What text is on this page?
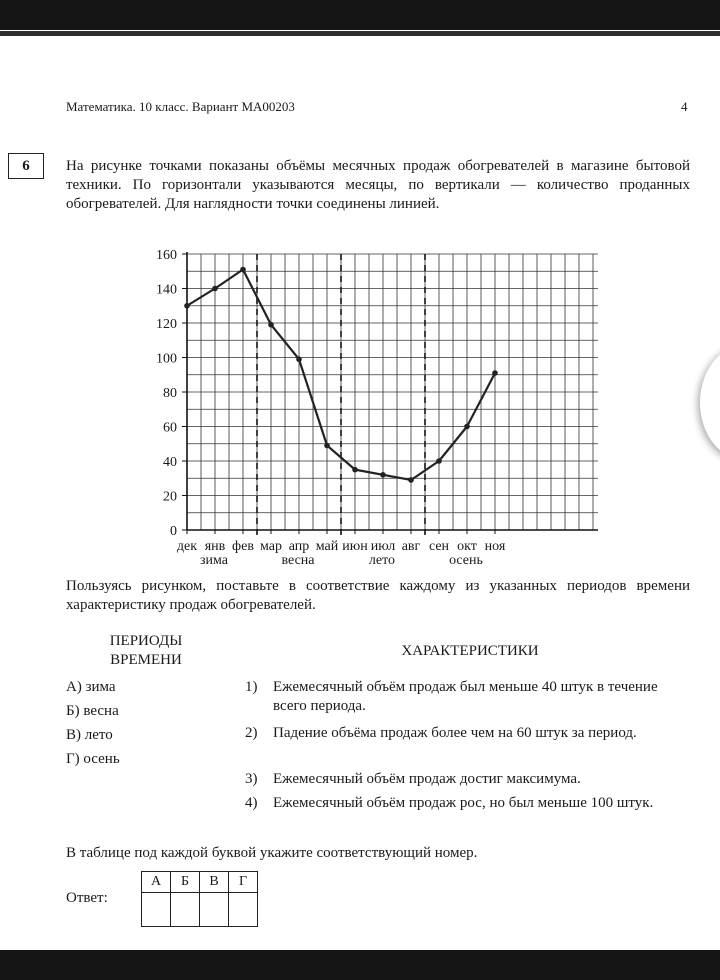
Математика. 10 класс. Вариант МА00203	4
6	На рисунке точками показаны объёмы месячных продаж обогревателей в магазине бытовой техники. По горизонтали указываются месяцы, по вертикали — количество проданных обогревателей. Для наглядности точки соединены линией.
0
20
40
60
80
100
120
140
160
дек янв фев мар апр май июн июл авг сен окт ноя
зима	весна	лето	осень
Пользуясь рисунком, поставьте в соответствие каждому из указанных периодов времени характеристику продаж обогревателей.
ПЕРИОДЫ
ВРЕМЕНИ
ХАРАКТЕРИСТИКИ
А) зима
Б) весна
В) лето
Г) осень
1) Ежемесячный объём продаж был меньше 40 штук в течение всего периода.
2) Падение объёма продаж более чем на 60 штук за период.
3) Ежемесячный объём продаж достиг максимума.
4) Ежемесячный объём продаж рос, но был меньше 100 штук.
В таблице под каждой буквой укажите соответствующий номер.
Ответ:
А	Б	В	Г
